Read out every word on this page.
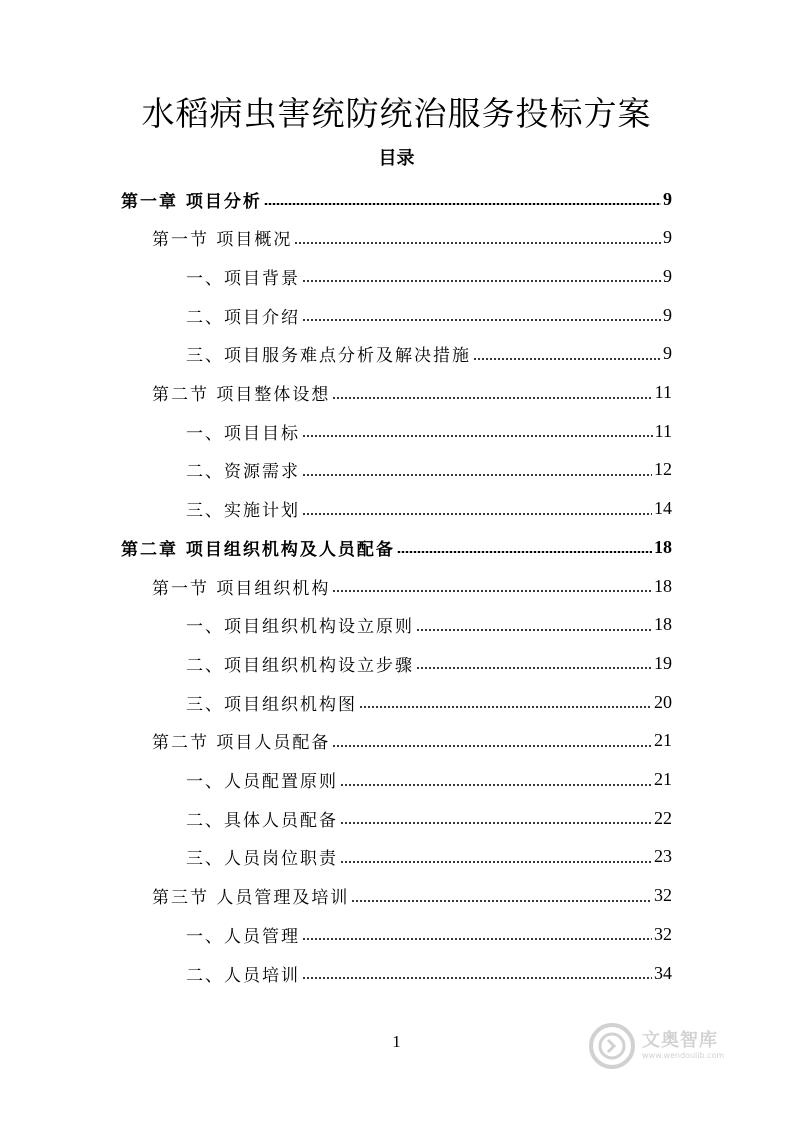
水稻病虫害统防统治服务投标方案
目录
第一章 项目分析	9
第一节 项目概况	9
一、项目背景	9
二、项目介绍	9
三、项目服务难点分析及解决措施	9
第二节 项目整体设想	11
一、项目目标	11
二、资源需求	12
三、实施计划	14
第二章 项目组织机构及人员配备	18
第一节 项目组织机构	18
一、项目组织机构设立原则	18
二、项目组织机构设立步骤	19
三、项目组织机构图	20
第二节 项目人员配备	21
一、人员配置原则	21
二、具体人员配备	22
三、人员岗位职责	23
第三节 人员管理及培训	32
一、人员管理	32
二、人员培训	34
1	文奥智库
www.wendoulib.com
